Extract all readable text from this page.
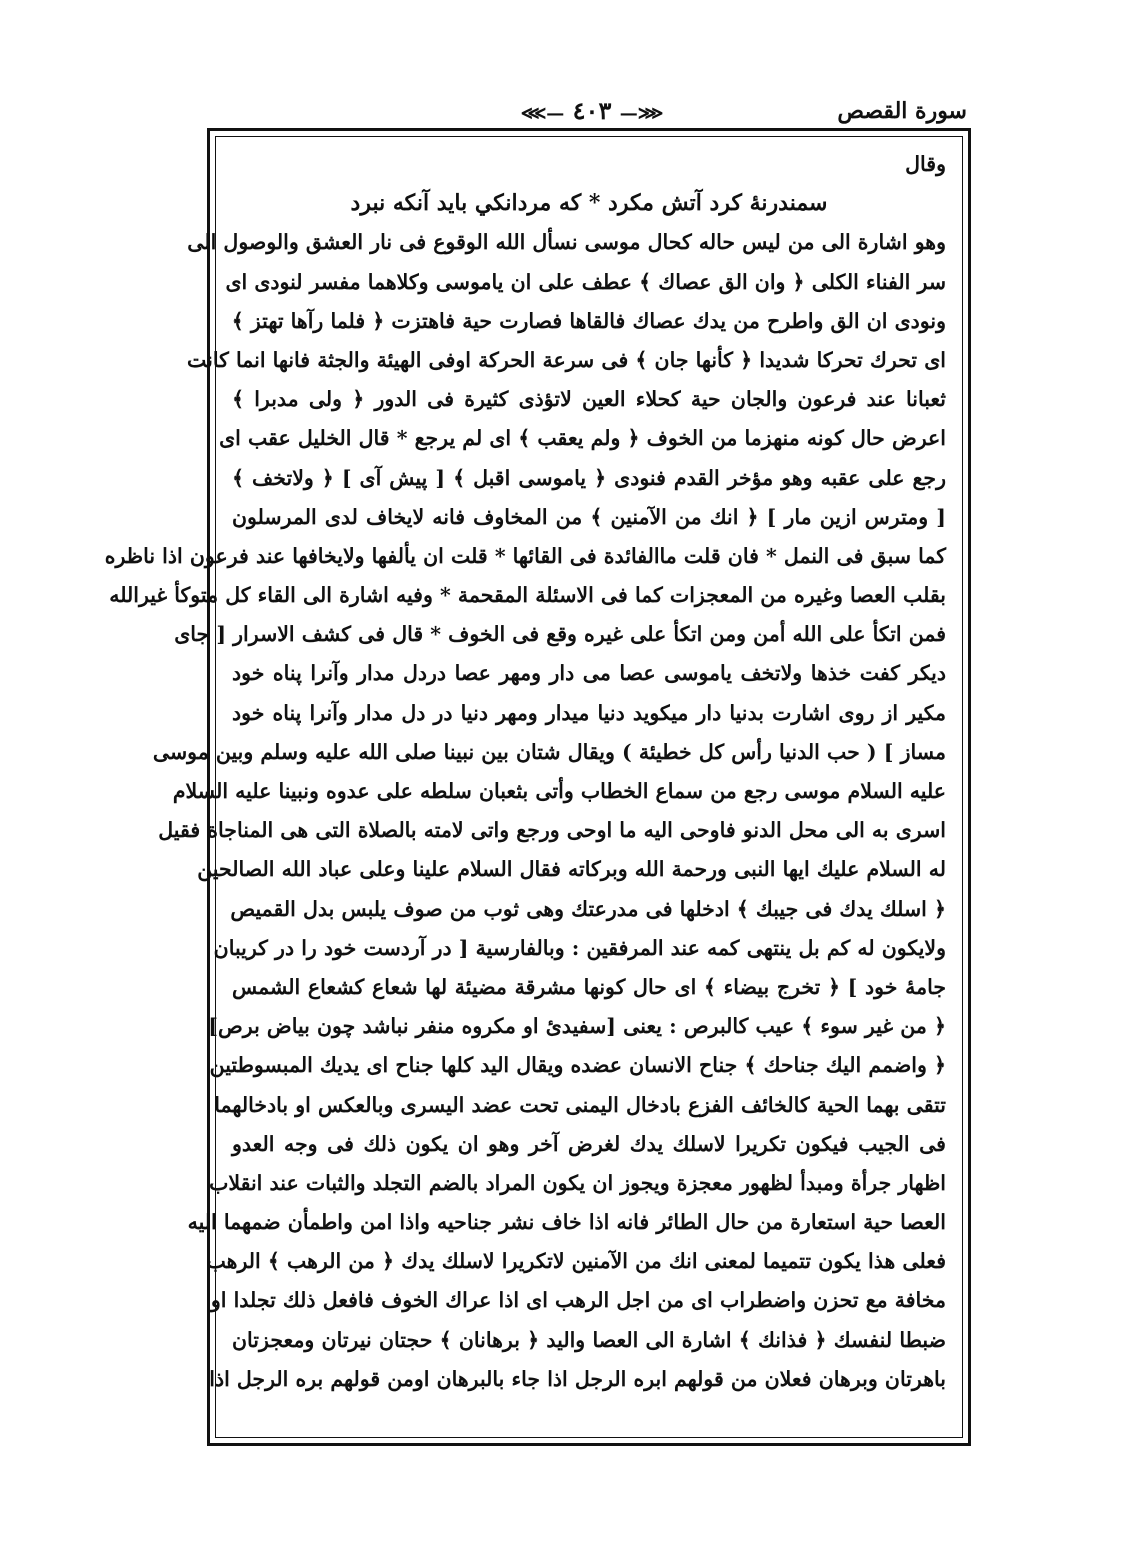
⋘— ٤٠٣ —⋙	سورة القصص
وقال
سمندرنهٔ كرد آتش مكرد * كه مردانكي بايد آنكه نبرد
وهو اشارة الى من ليس حاله كحال موسى نسأل الله الوقوع فى نار العشق والوصول الى
سر الفناء الكلى ﴿ وان الق عصاك ﴾ عطف على ان ياموسى وكلاهما مفسر لنودى اى
ونودى ان الق واطرح من يدك عصاك فالقاها فصارت حية فاهتزت ﴿ فلما رآها تهتز ﴾
اى تحرك تحركا شديدا ﴿ كأنها جان ﴾ فى سرعة الحركة اوفى الهيئة والجثة فانها انما كانت
ثعبانا عند فرعون والجان حية كحلاء العين لاتؤذى كثيرة فى الدور ﴿ ولى مدبرا ﴾
اعرض حال كونه منهزما من الخوف ﴿ ولم يعقب ﴾ اى لم يرجع * قال الخليل عقب اى
رجع على عقبه وهو مؤخر القدم فنودى ﴿ ياموسى اقبل ﴾ [ پيش آى ] ﴿ ولاتخف ﴾
[ ومترس ازين مار ] ﴿ انك من الآمنين ﴾ من المخاوف فانه لايخاف لدى المرسلون
كما سبق فى النمل * فان قلت ماالفائدة فى القائها * قلت ان يألفها ولايخافها عند فرعون اذا ناظره
بقلب العصا وغيره من المعجزات كما فى الاسئلة المقحمة * وفيه اشارة الى القاء كل متوكأ غيرالله
فمن اتكأ على الله أمن ومن اتكأ على غيره وقع فى الخوف * قال فى كشف الاسرار [ جاى
ديكر كفت خذها ولاتخف ياموسى عصا مى دار ومهر عصا دردل مدار وآنرا پناه خود
مكير از روى اشارت بدنيا دار ميكويد دنيا ميدار ومهر دنيا در دل مدار وآنرا پناه خود
مساز ] ( حب الدنيا رأس كل خطيئة ) ويقال شتان بين نبينا صلى الله عليه وسلم وبين موسى
عليه السلام موسى رجع من سماع الخطاب وأتى بثعبان سلطه على عدوه ونبينا عليه السلام
اسرى به الى محل الدنو فاوحى اليه ما اوحى ورجع واتى لامته بالصلاة التى هى المناجاة فقيل
له السلام عليك ايها النبى ورحمة الله وبركاته فقال السلام علينا وعلى عباد الله الصالحين
﴿ اسلك يدك فى جيبك ﴾ ادخلها فى مدرعتك وهى ثوب من صوف يلبس بدل القميص
ولايكون له كم بل ينتهى كمه عند المرفقين : وبالفارسية [ در آردست خود را در كريبان
جامهٔ خود ] ﴿ تخرج بيضاء ﴾ اى حال كونها مشرقة مضيئة لها شعاع كشعاع الشمس
﴿ من غير سوء ﴾ عيب كالبرص : يعنى [سفيدئ او مكروه منفر نباشد چون بياض برص]
﴿ واضمم اليك جناحك ﴾ جناح الانسان عضده ويقال اليد كلها جناح اى يديك المبسوطتين
تتقى بهما الحية كالخائف الفزع بادخال اليمنى تحت عضد اليسرى وبالعكس او بادخالهما
فى الجيب فيكون تكريرا لاسلك يدك لغرض آخر وهو ان يكون ذلك فى وجه العدو
اظهار جرأة ومبدأ لظهور معجزة ويجوز ان يكون المراد بالضم التجلد والثبات عند انقلاب
العصا حية استعارة من حال الطائر فانه اذا خاف نشر جناحيه واذا امن واطمأن ضمهما اليه
فعلى هذا يكون تتميما لمعنى انك من الآمنين لاتكريرا لاسلك يدك ﴿ من الرهب ﴾ الرهب
مخافة مع تحزن واضطراب اى من اجل الرهب اى اذا عراك الخوف فافعل ذلك تجلدا او
ضبطا لنفسك ﴿ فذانك ﴾ اشارة الى العصا واليد ﴿ برهانان ﴾ حجتان نيرتان ومعجزتان
باهرتان وبرهان فعلان من قولهم ابره الرجل اذا جاء بالبرهان اومن قولهم بره الرجل اذا
